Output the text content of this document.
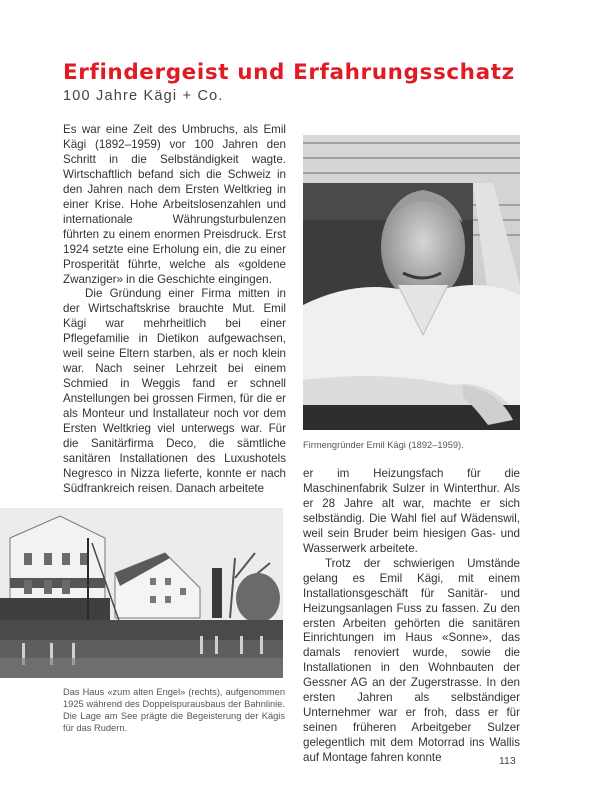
Erfindergeist und Erfahrungsschatz
100 Jahre Kägi + Co.

Es war eine Zeit des Umbruchs, als Emil Kägi (1892–1959) vor 100 Jahren den Schritt in die Selbständigkeit wagte. Wirtschaftlich befand sich die Schweiz in den Jahren nach dem Ersten Weltkrieg in einer Krise. Hohe Arbeitslosenzahlen und internationale Währungsturbulenzen führten zu einem enormen Preisdruck. Erst 1924 setzte eine Erholung ein, die zu einer Prosperität führte, welche als «goldene Zwanziger» in die Geschichte eingingen.

Die Gründung einer Firma mitten in der Wirtschaftskrise brauchte Mut. Emil Kägi war mehrheitlich bei einer Pflegefamilie in Dietikon aufgewachsen, weil seine Eltern starben, als er noch klein war. Nach seiner Lehrzeit bei einem Schmied in Weggis fand er schnell Anstellungen bei grossen Firmen, für die er als Monteur und Installateur noch vor dem Ersten Weltkrieg viel unterwegs war. Für die Sanitärfirma Deco, die sämtliche sanitären Installationen des Luxushotels Negresco in Nizza lieferte, konnte er nach Südfrankreich reisen. Danach arbeitete

Firmengründer Emil Kägi (1892–1959).
Das Haus «zum alten Engel» (rechts), aufgenommen 1925 während des Doppelspurausbaus der Bahnlinie. Die Lage am See prägte die Begeisterung der Kägis für das Rudern.

er im Heizungsfach für die Maschinenfabrik Sulzer in Winterthur. Als er 28 Jahre alt war, machte er sich selbständig. Die Wahl fiel auf Wädenswil, weil sein Bruder beim hiesigen Gas- und Wasserwerk arbeitete.

Trotz der schwierigen Umstände gelang es Emil Kägi, mit einem Installationsgeschäft für Sanitär- und Heizungsanlagen Fuss zu fassen. Zu den ersten Arbeiten gehörten die sanitären Einrichtungen im Haus «Sonne», das damals renoviert wurde, sowie die Installationen in den Wohnbauten der Gessner AG an der Zugerstrasse. In den ersten Jahren als selbständiger Unternehmer war er froh, dass er für seinen früheren Arbeitgeber Sulzer gelegentlich mit dem Motorrad ins Wallis auf Montage fahren konnte	113
